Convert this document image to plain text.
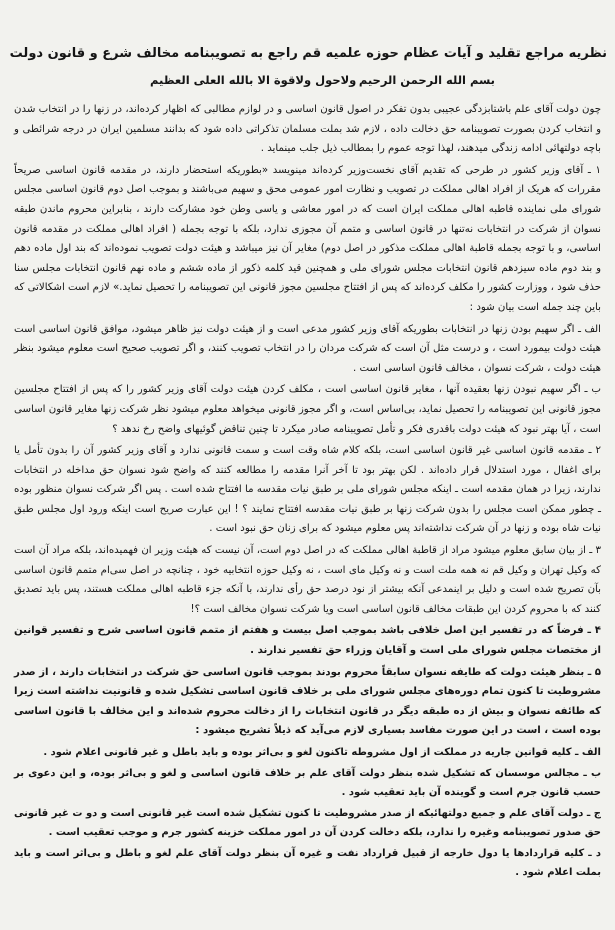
نظریه مراجع تقلید و آیات عظام حوزه علمیه قم راجع به تصویبنامه مخالف شرع و قانون دولت
بسم الله الرحمن الرحیم
ولاحول ولاقوة الا بالله العلی العظیم

چون دولت آقای علم باشتابزدگی عجیبی بدون تفکر در اصول قانون اساسی و در لوازم مطالبی که اظهار کرده‌اند، در زنها را در انتخاب شدن و انتخاب کردن بصورت تصویبنامه حق دخالت داده ، لازم شد بملت مسلمان تذکراتی داده شود که بدانند مسلمین ایران در درجه شرائطی و باچه دولتهائی ادامه زندگی میدهند، لهذا توجه عموم را بمطالب ذیل جلب مینماید .

۱ ـ آقای وزیر کشور در طرحی که تقدیم آقای نخست‌وزیر کرده‌اند مینویسد «بطوریکه استحضار دارند، در مقدمه قانون اساسی صریحاً مقررات که هریک از افراد اهالی مملکت در تصویب و نظارت امور عمومی محق و سهیم می‌باشند و بموجب اصل دوم قانون اساسی مجلس شورای ملی نماینده قاطبه اهالی مملکت ایران است که در امور معاشی و یاسی وطن خود مشارکت دارند ، بنابراین محروم ماندن طبقه نسوان از شرکت در انتخابات نه‌تنها در قانون اساسی و متمم آن مجوزی ندارد، بلکه با توجه بجمله ( افراد اهالی مملکت در مقدمه قانون اساسی، و با توجه بجمله قاطبة اهالی مملکت مذکور در اصل دوم) مغایر آن نیز میباشد و هیئت دولت تصویب نموده‌اند که بند اول ماده دهم و بند دوم ماده سیزدهم قانون انتخابات مجلس شورای ملی و همچنین قید کلمه ذکور از ماده ششم و ماده نهم قانون انتخابات مجلس سنا حذف شود ، ووزارت کشور را مکلف کرده‌اند که پس از افتتاح مجلسین مجوز قانونی این تصویبنامه را تحصیل نماید.» لازم است اشکالاتی که باین چند جمله است بیان شود :

الف ـ اگر سهیم بودن زنها در انتخابات بطوریکه آقای وزیر کشور مدعی است و از هیئت دولت نیز ظاهر میشود، موافق قانون اساسی است هیئت دولت بیمورد است ، و درست مثل آن است که شرکت مردان را در انتخاب تصویب کنند، و اگر تصویب صحیح است معلوم میشود بنظر هیئت دولت ، شرکت نسوان ، مخالف قانون اساسی است .

ب ـ اگر سهیم نبودن زنها بعقیده آنها ، مغایر قانون اساسی است ، مکلف کردن هیئت دولت آقای وزیر کشور را که پس از افتتاح مجلسین مجوز قانونی این تصویبنامه را تحصیل نماید، بی‌اساس است، و اگر مجوز قانونی میخواهد معلوم میشود نظر شرکت زنها مغایر قانون اساسی است ، آیا بهتر نبود که هیئت دولت باقدری فکر و تأمل تصویبنامه صادر میکرد تا چنین تناقض گوئیهای واضح رخ ندهد ؟

۲ ـ مقدمه قانون اساسی غیر قانون اساسی است، بلکه کلام شاه وقت است و سمت قانونی ندارد و آقای وزیر کشور آن را بدون تأمل یا برای اغفال ، مورد استدلال قرار داده‌اند . لکن بهتر بود تا آخر آنرا مقدمه را مطالعه کنند که واضح شود نسوان حق مداخله در انتخابات ندارند، زیرا در همان مقدمه است ـ اینکه مجلس شورای ملی بر طبق نیات مقدسه ما افتتاح شده است . پس اگر شرکت نسوان منظور بوده ـ چطور ممکن است مجلس را بدون شرکت زنها بر طبق نیات مقدسه افتتاح نمایند ؟ ! این عبارت صریح است اینکه ورود اول مجلس طبق نیات شاه بوده و زنها در آن شرکت نداشته‌اند پس معلوم میشود که برای زنان حق نبود است .

۳ ـ از بیان سابق معلوم میشود مراد از قاطبة اهالی مملکت که در اصل دوم است، آن نیست که هیئت وزیر ان فهمیده‌اند، بلکه مراد آن است که وکیل تهران و وکیل قم نه همه ملت است و نه وکیل مای است ، نه وکیل حوزه انتخابیه خود ، چنانچه در اصل سی‌ام متمم قانون اساسی بآن تصریح شده است و دلیل بر اینمدعی آنکه بیشتر از نود درصد حق رأی ندارند، با آنکه جزء قاطبه اهالی مملکت هستند، پس باید تصدیق کنند که با محروم کردن این طبقات مخالف قانون اساسی است ویا شرکت نسوان مخالف است ؟!

۴ ـ فرضاً که در تفسیر این اصل خلافی باشد بموجب اصل بیست و هفتم از متمم قانون اساسی شرح و تفسیر قوانین از مختصات مجلس شورای ملی است و آقایان وزراء حق تفسیر ندارند .

۵ ـ بنظر هیئت دولت که طایفه نسوان سابقاً محروم بودند بموجب قانون اساسی حق شرکت در انتخابات دارند ، از صدر مشروطیت تا کنون تمام دوره‌های مجلس شورای ملی بر خلاف قانون اساسی تشکیل شده و قانونیت نداشته است زیرا که طائفه نسوان و بیش از ده طبقه دیگر در قانون انتخابات را از دخالت محروم شده‌اند و این مخالف با قانون اساسی بوده است ، است در این صورت مفاسد بسیاری لازم می‌آید که ذیلاً تشریح میشود :

الف ـ کلیه قوانین جاریه در مملکت از اول مشروطه تاکنون لغو و بی‌اثر بوده و باید باطل و غیر قانونی اعلام شود .

ب ـ مجالس موسسان که تشکیل شده بنظر دولت آقای علم بر خلاف قانون اساسی و لغو و بی‌اثر بوده، و این دعوی بر حسب قانون جرم است و گوینده آن باید تعقیب شود .

ج ـ دولت آقای علم و جمیع دولتهائیکه از صدر مشروطیت تا کنون تشکیل شده است غیر قانونی است و دو ت غیر قانونی حق صدور تصویبنامه وغیره را ندارد، بلکه دخالت کردن آن در امور مملکت خزینه کشور جرم و موجب تعقیب است .

د ـ کلیه قراردادها یا دول خارجه از قبیل قرارداد نفت و غیره آن بنظر دولت آقای علم لغو و باطل و بی‌اثر است و باید بملت اعلام شود .
